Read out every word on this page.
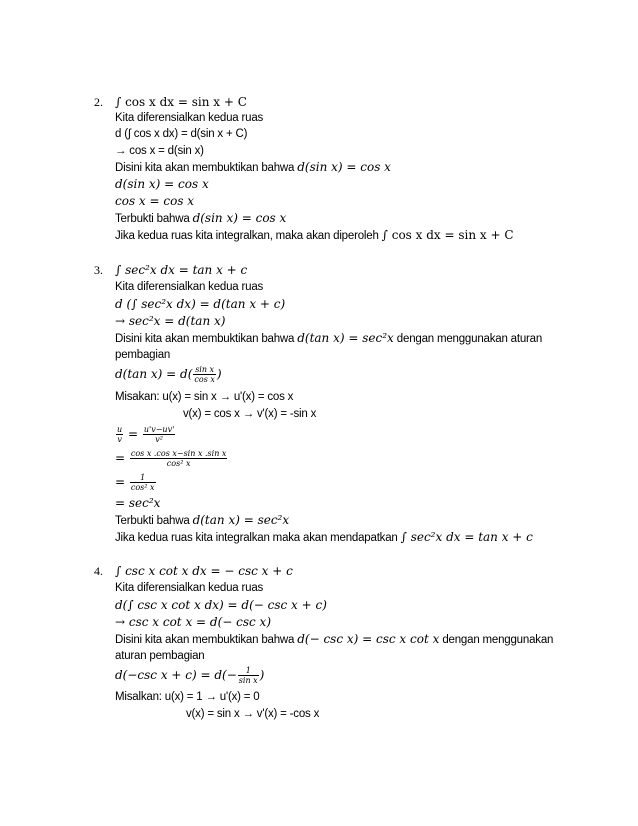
2. ∫ cos x dx = sin x + C
Kita diferensialkan kedua ruas
d (∫ cos x dx) = d(sin x + C)
→ cos x = d(sin x)
Disini kita akan membuktikan bahwa d(sin x) = cos x
d(sin x) = cos x
cos x = cos x
Terbukti bahwa d(sin x) = cos x
Jika kedua ruas kita integralkan, maka akan diperoleh ∫ cos x dx = sin x + C
3. ∫ sec²x dx = tan x + c
Kita diferensialkan kedua ruas
d (∫ sec²x dx) = d(tan x + c)
→ sec²x = d(tan x)
Disini kita akan membuktikan bahwa d(tan x) = sec²x dengan menggunakan aturan
pembagian
d(tan $x) = d( \frac{\text{sin x}}{\text{cos x}}$ )
Misakan: u(x) = sin x → u'(x) = cos x
v(x) = cos x → v'(x) = -sin x
$\frac{u}{v} = \frac{u'v-uv'}{\text{v²}}$
= $\frac{\text{cos x .cos x−sin x .sin x}}{\text{cos² x}}$
= $\frac{1}{\text{cos² x}}$
= sec²x
Terbukti bahwa d(tan x) = sec²x
Jika kedua ruas kita integralkan maka akan mendapatkan ∫ sec²x dx = tan x + c
4. ∫ csc x cot x dx = − csc x + c
Kita diferensialkan kedua ruas
d(∫ csc x cot x dx) = d(− csc x + c)
→ csc x cot x = d(− csc x)
Disini kita akan membuktikan bahwa d(− csc x) = csc x cot x dengan menggunakan
aturan pembagian
d(−csc $x + c) = d(- \frac{1}{\text{sin x}}$ )
Misalkan: u(x) = 1 → u'(x) = 0
v(x) = sin x → v'(x) = -cos x
